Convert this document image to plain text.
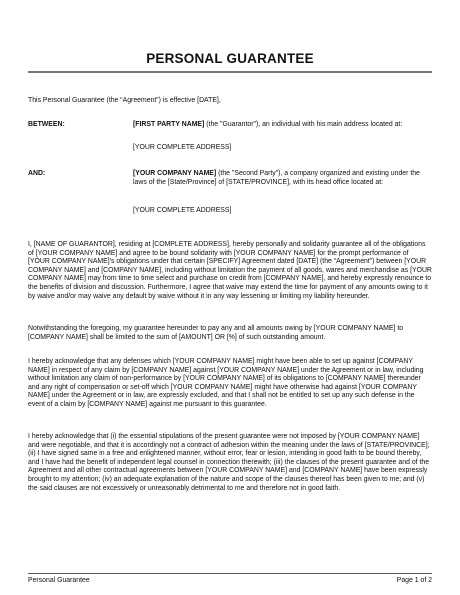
PERSONAL GUARANTEE

This Personal Guarantee (the “Agreement”) is effective [DATE],

BETWEEN:	[FIRST PARTY NAME] (the "Guarantor"), an individual with his main address located at:

[YOUR COMPLETE ADDRESS]

AND:	[YOUR COMPANY NAME] (the "Second Party"), a company organized and existing under the laws of the [State/Province] of [STATE/PROVINCE], with its head office located at:

[YOUR COMPLETE ADDRESS]

I, [NAME OF GUARANTOR], residing at [COMPLETE ADDRESS], hereby personally and solidarity guarantee all of the obligations of [YOUR COMPANY NAME] and agree to be bound solidarity with [YOUR COMPANY NAME] for the prompt performance of [YOUR COMPANY NAME]'s obligations under that certain [SPECIFY] Agreement dated [DATE] (the “Agreement”) between [YOUR COMPANY NAME] and [COMPANY NAME], including without limitation the payment of all goods, wares and merchandise as [YOUR COMPANY NAME] may from time to time select and purchase on credit from [COMPANY NAME], and hereby expressly renounce to the benefits of division and discussion. Furthermore, I agree that waive may extend the time for payment of any amounts owing to it by waive and/or may waive any default by waive without it in any way lessening or limiting my liability hereunder.

Notwithstanding the foregoing, my guarantee hereunder to pay any and all amounts owing by [YOUR COMPANY NAME] to [COMPANY NAME] shall be limited to the sum of [AMOUNT] OR [%] of such outstanding amount.

I hereby acknowledge that any defenses which [YOUR COMPANY NAME] might have been able to set up against [COMPANY NAME] in respect of any claim by [COMPANY NAME] against [YOUR COMPANY NAME] under the Agreement or in law, including without limitation any claim of non-performance by [YOUR COMPANY NAME] of its obligations to [COMPANY NAME] thereunder and any right of compensation or set-off which [YOUR COMPANY NAME] might have otherwise had against [YOUR COMPANY NAME] under the Agreement or in law, are expressly excluded, and that I shall not be entitled to set up any such defense in the event of a claim by [COMPANY NAME] against me pursuant to this guarantee.

I hereby acknowledge that (i) the essential stipulations of the present guarantee were not imposed by [YOUR COMPANY NAME] and were negotiable, and that it is accordingly not a contract of adhesion within the meaning under the laws of [STATE/PROVINCE]; (ii) I have signed same in a free and enlightened manner, without error, fear or lesion, intending in good faith to be bound thereby, and I have had the benefit of independent legal counsel in connection therewith; (iii) the clauses of the present guarantee and of the Agreement and all other contractual agreements between [YOUR COMPANY NAME] and [COMPANY NAME] have been expressly brought to my attention; (iv) an adequate explanation of the nature and scope of the clauses thereof has been given to me; and (v) the said clauses are not excessively or unreasonably detrimental to me and therefore not in good faith.

Personal Guarantee	Page 1 of 2
